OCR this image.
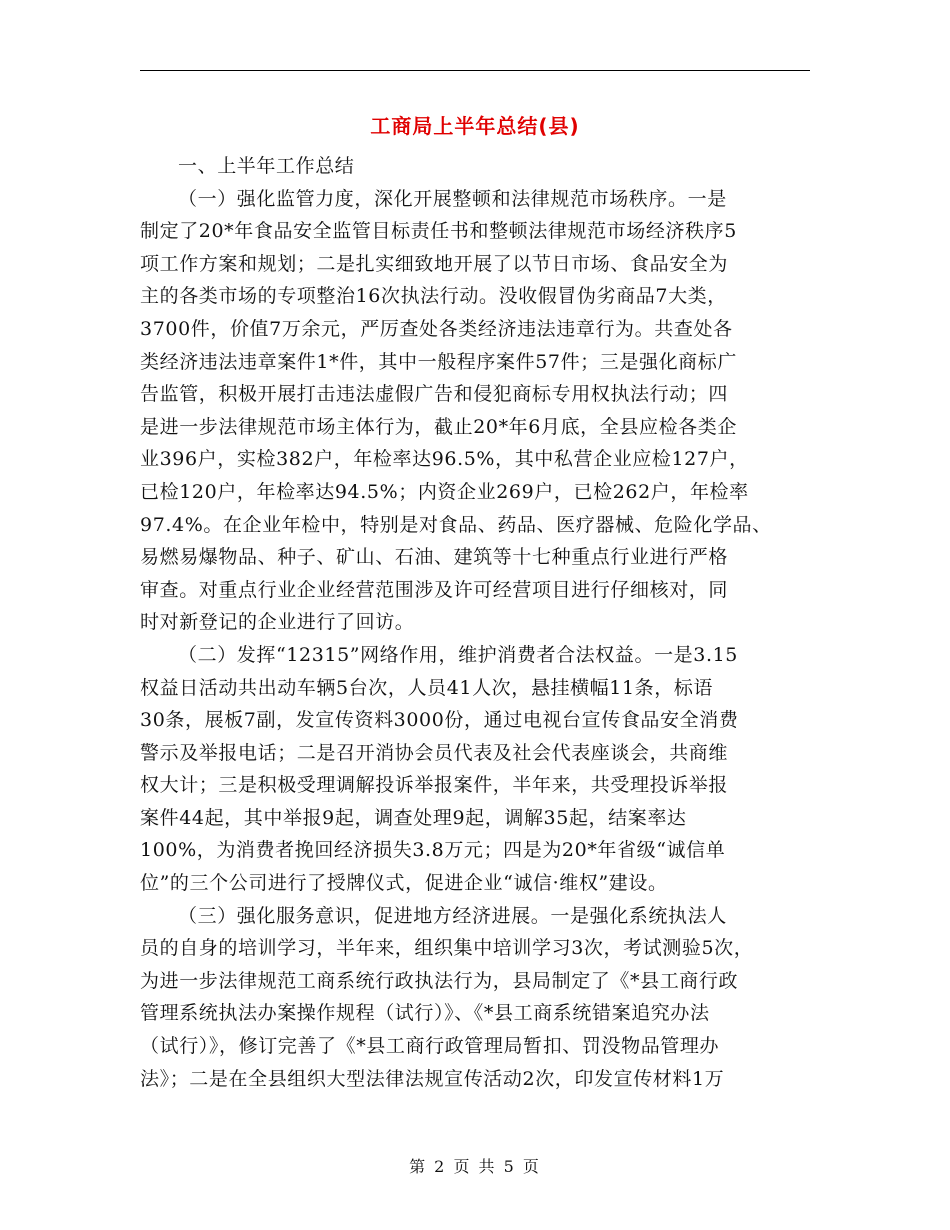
工商局上半年总结(县)
一、上半年工作总结
（一）强化监管力度，深化开展整顿和法律规范市场秩序。一是
制定了20*年食品安全监管目标责任书和整顿法律规范市场经济秩序5
项工作方案和规划；二是扎实细致地开展了以节日市场、食品安全为
主的各类市场的专项整治16次执法行动。没收假冒伪劣商品7大类，
3700件，价值7万余元，严厉查处各类经济违法违章行为。共查处各
类经济违法违章案件1*件，其中一般程序案件57件；三是强化商标广
告监管，积极开展打击违法虚假广告和侵犯商标专用权执法行动；四
是进一步法律规范市场主体行为，截止20*年6月底，全县应检各类企
业396户，实检382户，年检率达96.5%，其中私营企业应检127户，
已检120户，年检率达94.5%；内资企业269户，已检262户，年检率
97.4%。在企业年检中，特别是对食品、药品、医疗器械、危险化学品、
易燃易爆物品、种子、矿山、石油、建筑等十七种重点行业进行严格
审查。对重点行业企业经营范围涉及许可经营项目进行仔细核对，同
时对新登记的企业进行了回访。
（二）发挥“12315”网络作用，维护消费者合法权益。一是3.15
权益日活动共出动车辆5台次，人员41人次，悬挂横幅11条，标语
30条，展板7副，发宣传资料3000份，通过电视台宣传食品安全消费
警示及举报电话；二是召开消协会员代表及社会代表座谈会，共商维
权大计；三是积极受理调解投诉举报案件，半年来，共受理投诉举报
案件44起，其中举报9起，调查处理9起，调解35起，结案率达
100%，为消费者挽回经济损失3.8万元；四是为20*年省级“诚信单
位”的三个公司进行了授牌仪式，促进企业“诚信·维权”建设。
（三）强化服务意识，促进地方经济进展。一是强化系统执法人
员的自身的培训学习，半年来，组织集中培训学习3次，考试测验5次，
为进一步法律规范工商系统行政执法行为，县局制定了《*县工商行政
管理系统执法办案操作规程（试行）》、《*县工商系统错案追究办法
（试行）》，修订完善了《*县工商行政管理局暂扣、罚没物品管理办
法》；二是在全县组织大型法律法规宣传活动2次，印发宣传材料1万
第 2 页 共 5 页
